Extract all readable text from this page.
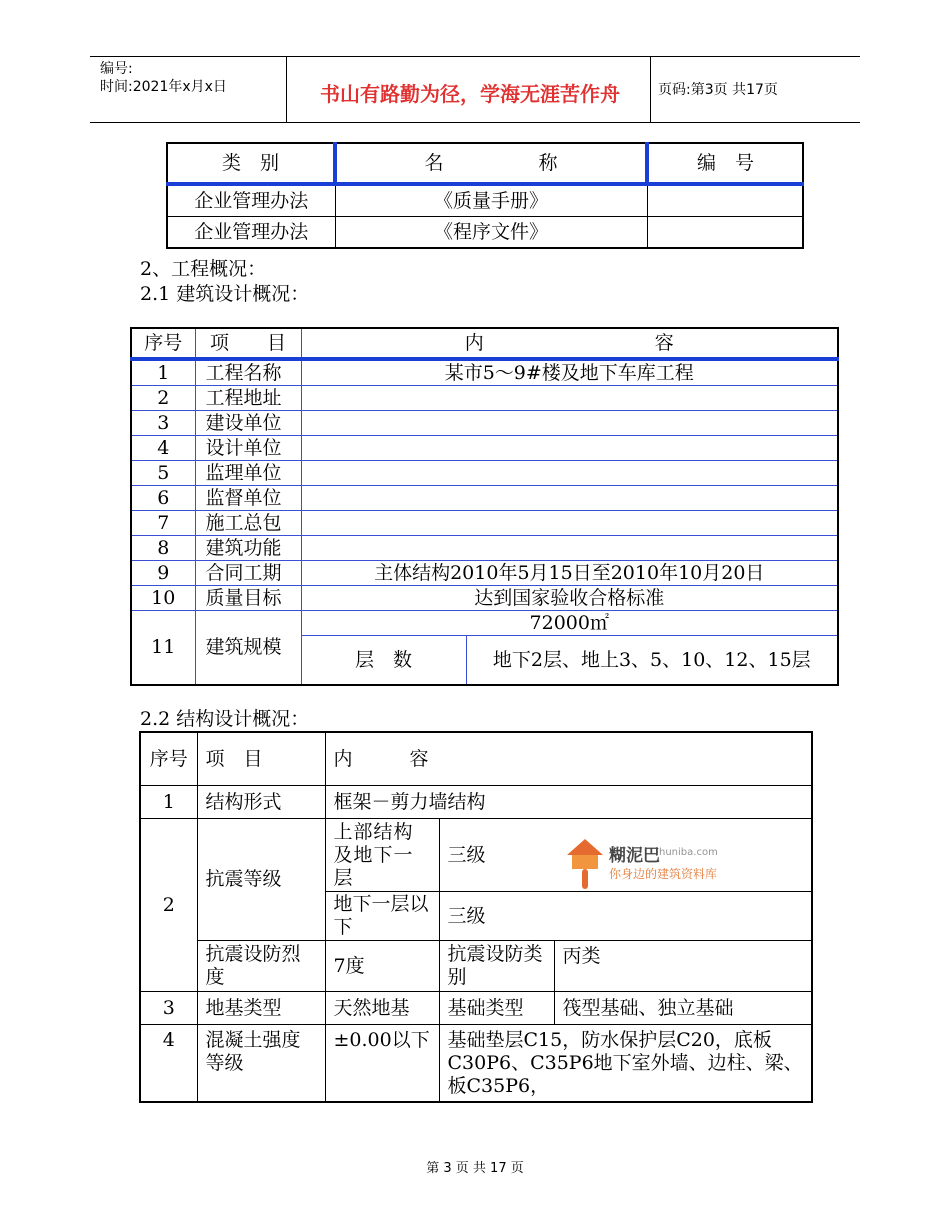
编号:
时间:2021年x月x日	书山有路勤为径，学海无涯苦作舟	页码:第3页 共17页
类　别	名　　　　　称	编　号
企业管理办法	《质量手册》	
企业管理办法	《程序文件》	
2、工程概况：
2.1 建筑设计概况：
序号	项　　目	内　　　　　　　　　容	
1	工程名称	某市5～9#楼及地下车库工程	
2	工程地址		
3	建设单位		
4	设计单位		
5	监理单位		
6	监督单位		
7	施工总包		
8	建筑功能		
9	合同工期	主体结构2010年5月15日至2010年10月20日	
10	质量目标	达到国家验收合格标准	
11	建筑规模	72000㎡	
		层　数	地下2层、地上3、5、10、12、15层
2.2 结构设计概况：
序号	项　目	内　　　容		
1	结构形式	框架－剪力墙结构		
2	抗震等级	上部结构及地下一层	三级	
		地下一层以下	三级	
	抗震设防烈度	7度	抗震设防类别	丙类
3	地基类型	天然地基	基础类型	筏型基础、独立基础
4	混凝土强度等级	±0.00以下	基础垫层C15，防水保护层C20，底板C30P6、C35P6地下室外墙、边柱、梁、板C35P6，	
糊泥巴 huniba.com
你身边的建筑资料库
第 3 页 共 17 页
